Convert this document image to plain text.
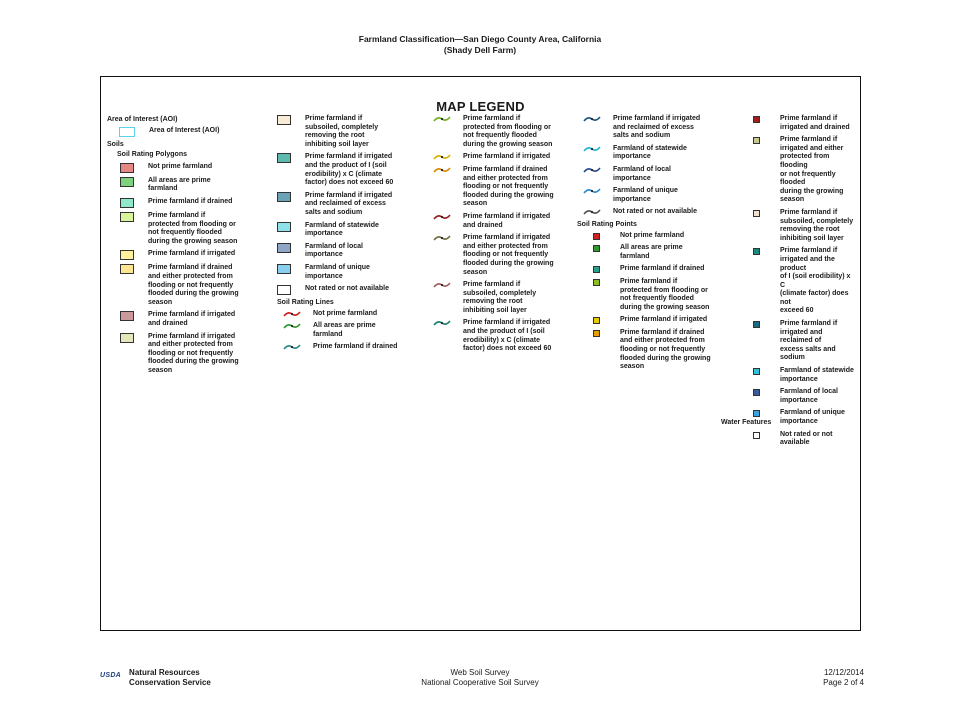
Farmland Classification—San Diego County Area, California
(Shady Dell Farm)
MAP LEGEND
Area of Interest (AOI)
Area of Interest (AOI)
Soils
Soil Rating Polygons
Not prime farmland
All areas are prime
farmland
Prime farmland if drained
Prime farmland if
protected from flooding or
not frequently flooded
during the growing season
Prime farmland if irrigated
Prime farmland if drained
and either protected from
flooding or not frequently
flooded during the growing
season
Prime farmland if irrigated
and drained
Prime farmland if irrigated
and either protected from
flooding or not frequently
flooded during the growing
season
Prime farmland if
subsoiled, completely
removing the root
inhibiting soil layer
Prime farmland if irrigated
and the product of I (soil
erodibility) x C (climate
factor) does not exceed 60
Prime farmland if irrigated
and reclaimed of excess
salts and sodium
Farmland of statewide
importance
Farmland of local
importance
Farmland of unique
importance
Not rated or not available
Soil Rating Lines
Not prime farmland
All areas are prime
farmland
Prime farmland if drained
Prime farmland if
protected from flooding or
not frequently flooded
during the growing season
Prime farmland if irrigated
Prime farmland if drained
and either protected from
flooding or not frequently
flooded during the growing
season
Prime farmland if irrigated
and drained
Prime farmland if irrigated
and either protected from
flooding or not frequently
flooded during the growing
season
Prime farmland if
subsoiled, completely
removing the root
inhibiting soil layer
Prime farmland if irrigated
and the product of I (soil
erodibility) x C (climate
factor) does not exceed 60
Prime farmland if irrigated
and reclaimed of excess
salts and sodium
Farmland of statewide
importance
Farmland of local
importance
Farmland of unique
importance
Not rated or not available
Soil Rating Points
Not prime farmland
All areas are prime
farmland
Prime farmland if drained
Prime farmland if
protected from flooding or
not frequently flooded
during the growing season
Prime farmland if irrigated
Prime farmland if drained
and either protected from
flooding or not frequently
flooded during the growing
season
Prime farmland if
irrigated and drained
Prime farmland if
irrigated and either
protected from flooding
or not frequently flooded
during the growing
season
Prime farmland if
subsoiled, completely
removing the root
inhibiting soil layer
Prime farmland if
irrigated and the product
of I (soil erodibility) x C
(climate factor) does not
exceed 60
Prime farmland if
irrigated and reclaimed of
excess salts and sodium
Farmland of statewide
importance
Farmland of local
importance
Farmland of unique
importance
Not rated or not available
Water Features
USDA Natural Resources
Conservation Service
Web Soil Survey
National Cooperative Soil Survey
12/12/2014
Page 2 of 4
